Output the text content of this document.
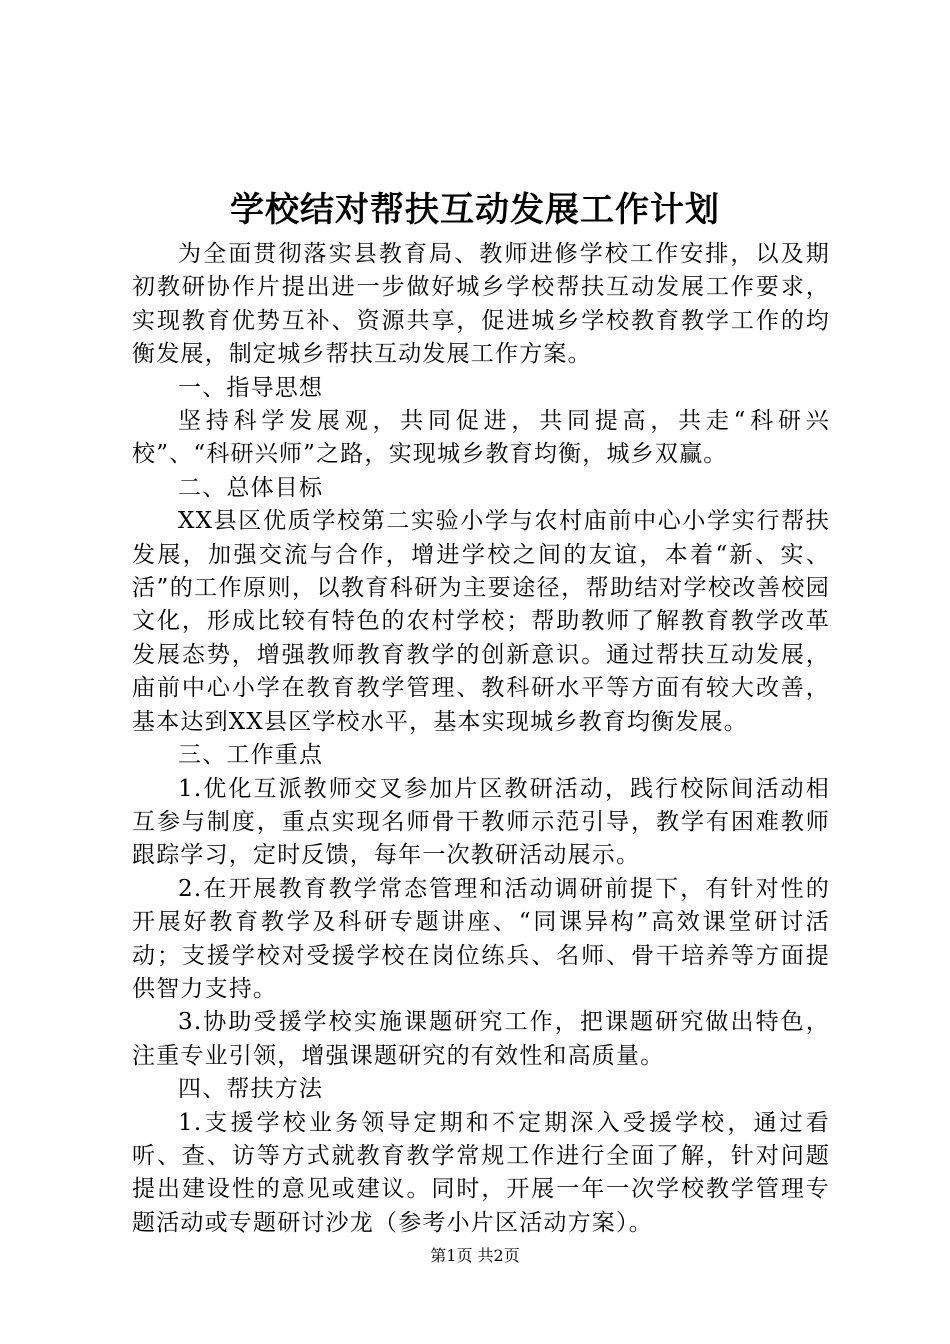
学校结对帮扶互动发展工作计划

为全面贯彻落实县教育局、教师进修学校工作安排，以及期初教研协作片提出进一步做好城乡学校帮扶互动发展工作要求，实现教育优势互补、资源共享，促进城乡学校教育教学工作的均衡发展，制定城乡帮扶互动发展工作方案。

一、指导思想

坚持科学发展观，共同促进，共同提高，共走“科研兴校”、“科研兴师”之路，实现城乡教育均衡，城乡双赢。

二、总体目标

XX县区优质学校第二实验小学与农村庙前中心小学实行帮扶发展，加强交流与合作，增进学校之间的友谊，本着“新、实、活”的工作原则，以教育科研为主要途径，帮助结对学校改善校园文化，形成比较有特色的农村学校；帮助教师了解教育教学改革发展态势，增强教师教育教学的创新意识。通过帮扶互动发展，庙前中心小学在教育教学管理、教科研水平等方面有较大改善，基本达到XX县区学校水平，基本实现城乡教育均衡发展。

三、工作重点

1.优化互派教师交叉参加片区教研活动，践行校际间活动相互参与制度，重点实现名师骨干教师示范引导，教学有困难教师跟踪学习，定时反馈，每年一次教研活动展示。

2.在开展教育教学常态管理和活动调研前提下，有针对性的开展好教育教学及科研专题讲座、“同课异构”高效课堂研讨活动；支援学校对受援学校在岗位练兵、名师、骨干培养等方面提供智力支持。

3.协助受援学校实施课题研究工作，把课题研究做出特色，注重专业引领，增强课题研究的有效性和高质量。

四、帮扶方法

1.支援学校业务领导定期和不定期深入受援学校，通过看听、查、访等方式就教育教学常规工作进行全面了解，针对问题提出建设性的意见或建议。同时，开展一年一次学校教学管理专题活动或专题研讨沙龙（参考小片区活动方案）。

第1页 共2页
